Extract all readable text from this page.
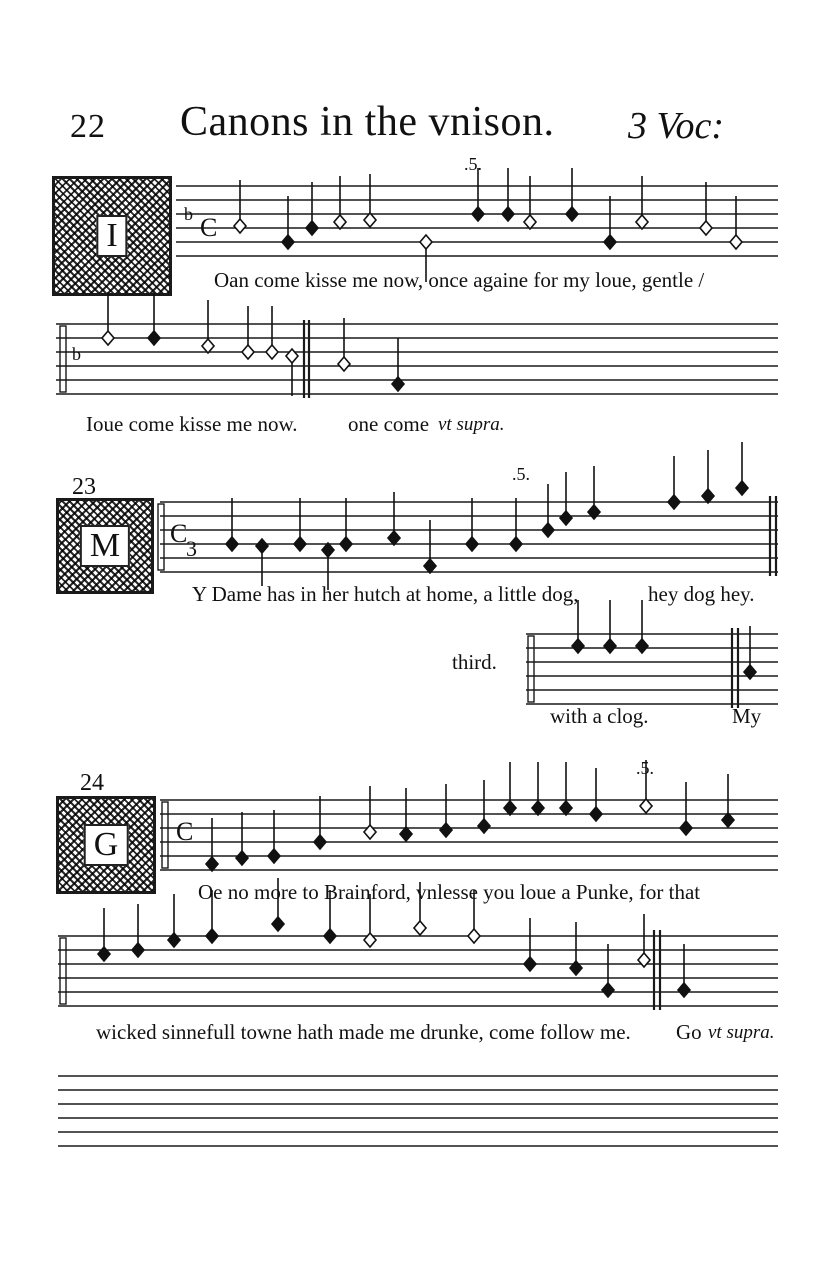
22 Canons in the vnison. 3 Voc:
I
M
G
23
24
.5.
.5.
.5.
Oan come kisse me now, once againe for my loue, gentle /
Ioue come kisse me now. one come vt supra.
Y Dame has in her hutch at home, a little dog,	hey dog hey.
third.
with a clog.	My
Oe no more to Brainford, vnlesse you loue a Punke, for that
wicked sinnefull towne hath made me drunke, come follow me. Go vt supra.
b C
b
C
3
C
